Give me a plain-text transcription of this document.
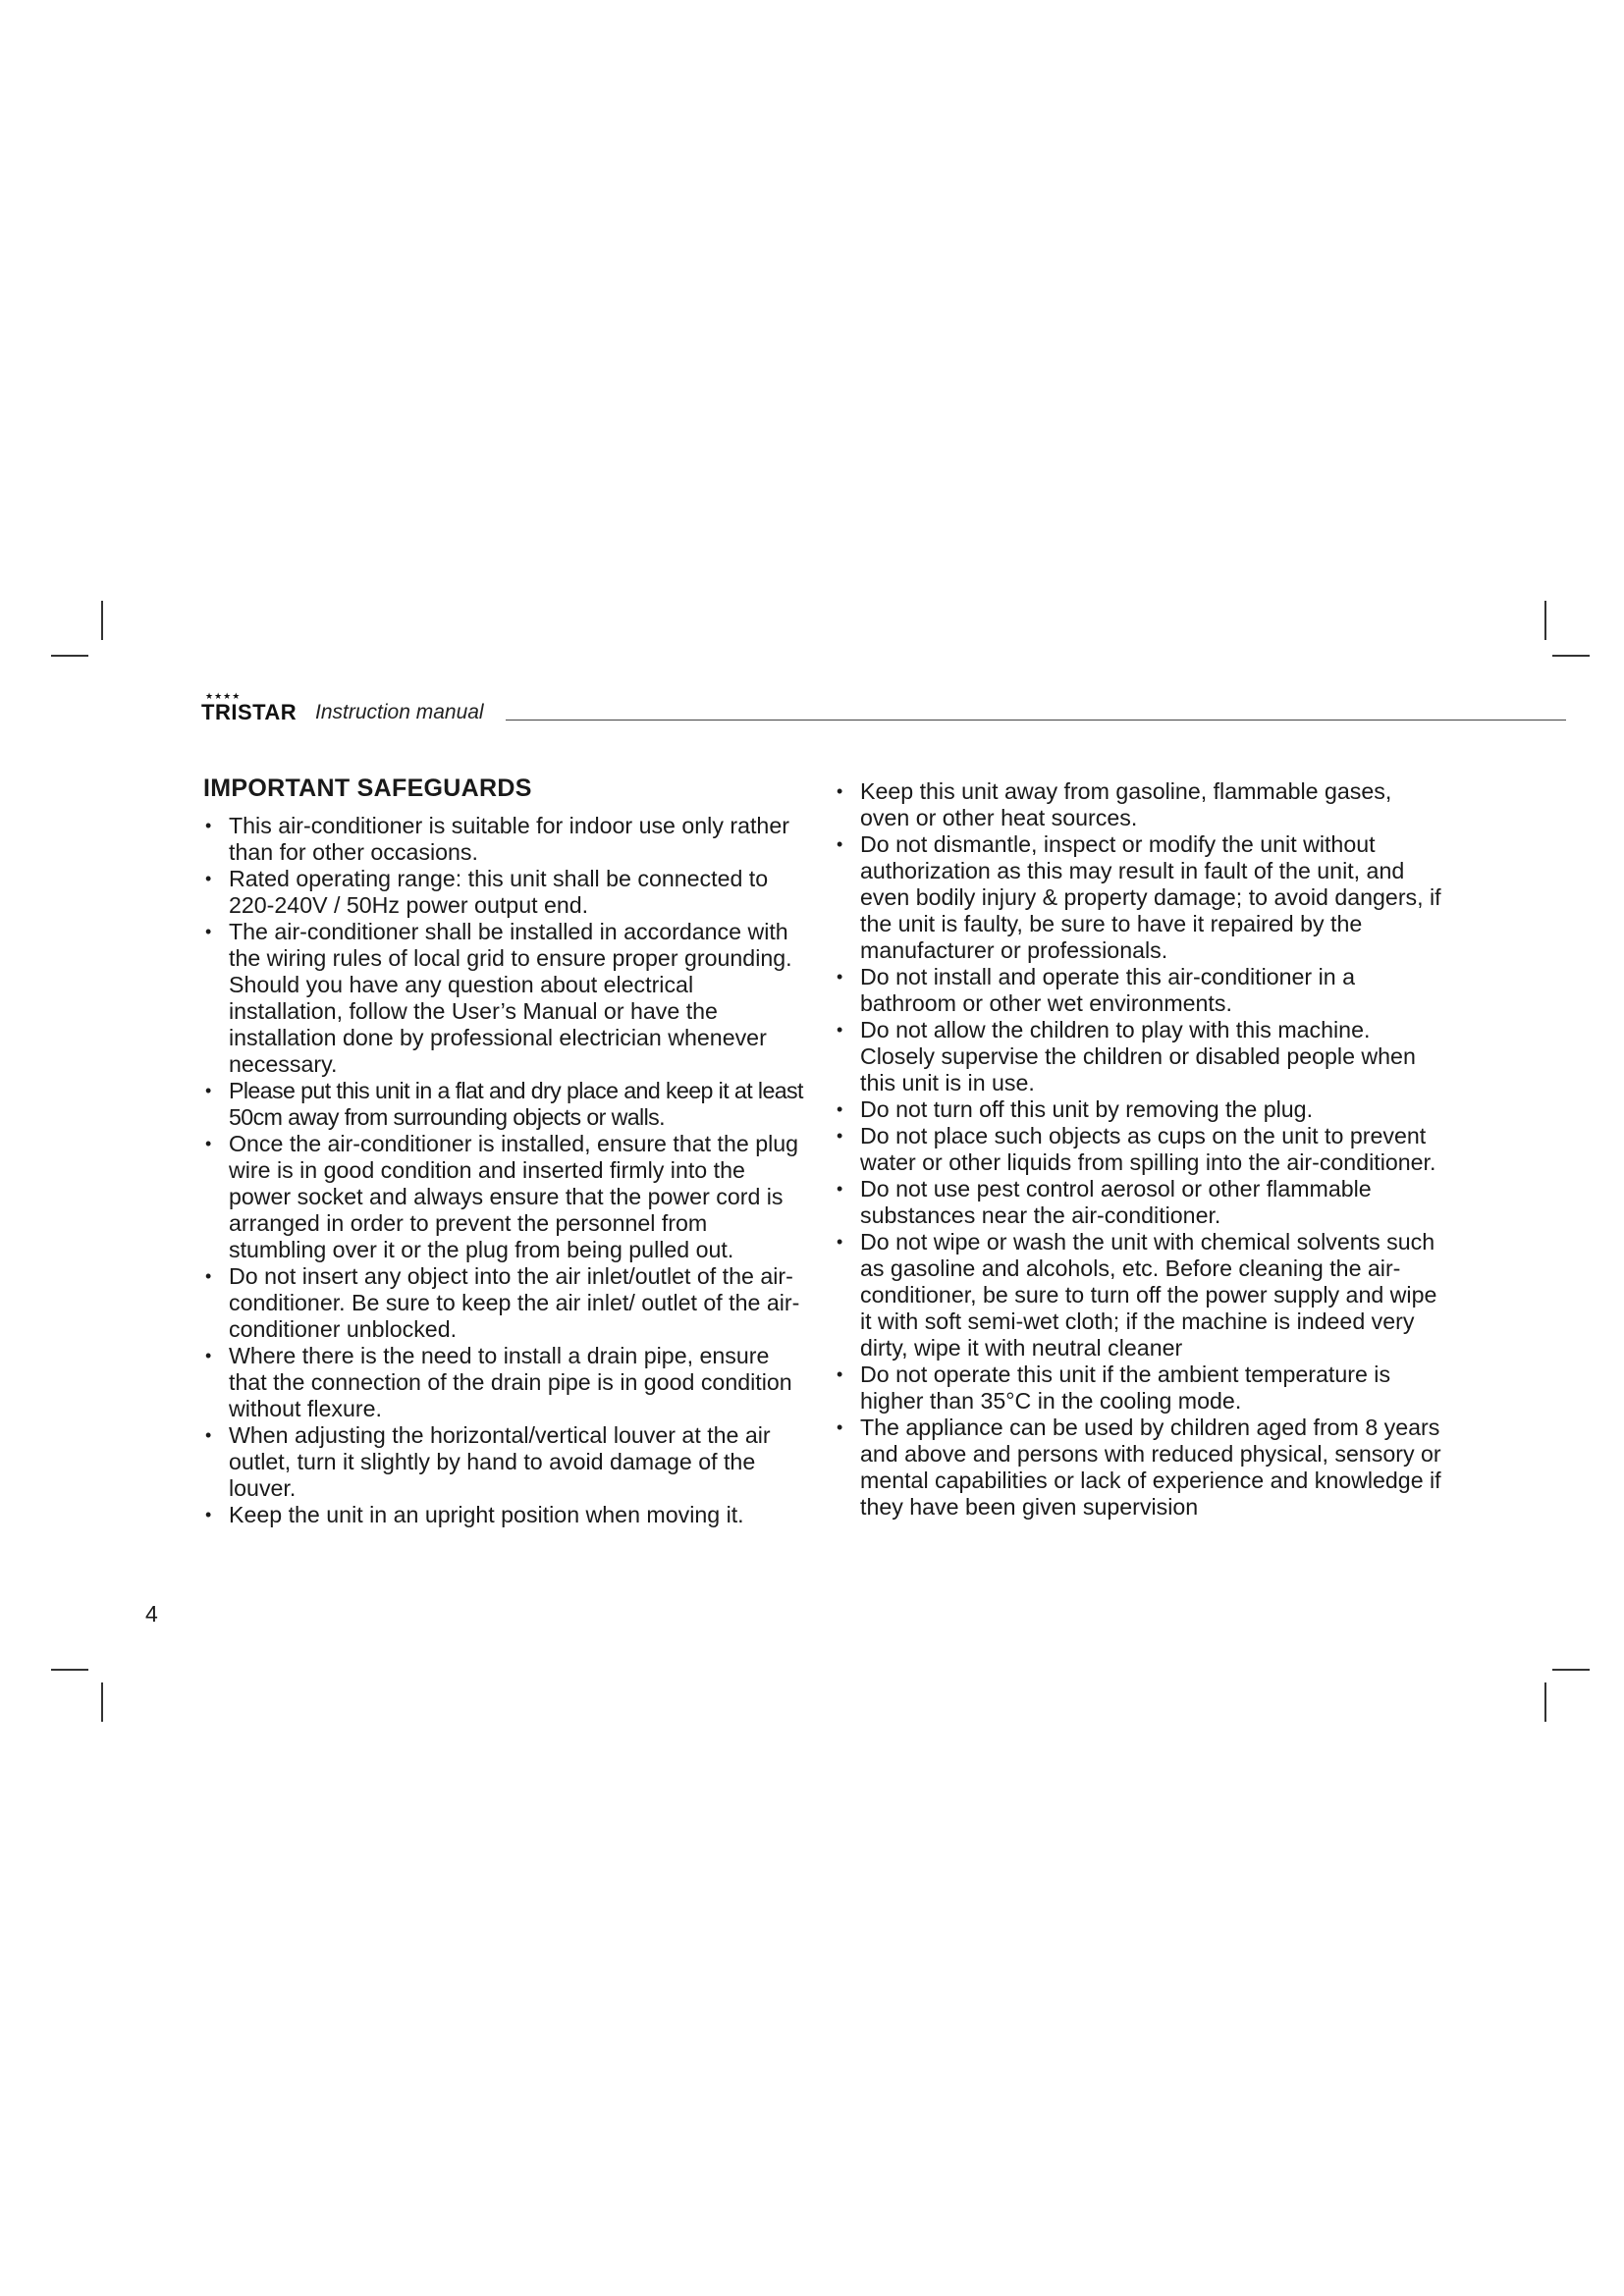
★★★★
TRISTAR Instruction manual
IMPORTANT SAFEGUARDS
• This air-conditioner is suitable for indoor use only rather than for other occasions.
• Rated operating range: this unit shall be connected to 220-240V / 50Hz power output end.
• The air-conditioner shall be installed in accordance with the wiring rules of local grid to ensure proper grounding. Should you have any question about electrical installation, follow the User’s Manual or have the installation done by professional electrician whenever necessary.
• Please put this unit in a flat and dry place and keep it at least 50cm away from surrounding objects or walls.
• Once the air-conditioner is installed, ensure that the plug wire is in good condition and inserted firmly into the power socket and always ensure that the power cord is arranged in order to prevent the personnel from stumbling over it or the plug from being pulled out.
• Do not insert any object into the air inlet/outlet of the air-conditioner. Be sure to keep the air inlet/ outlet of the air-conditioner unblocked.
• Where there is the need to install a drain pipe, ensure that the connection of the drain pipe is in good condition without flexure.
• When adjusting the horizontal/vertical louver at the air outlet, turn it slightly by hand to avoid damage of the louver.
• Keep the unit in an upright position when moving it.
• Keep this unit away from gasoline, flammable gases, oven or other heat sources.
• Do not dismantle, inspect or modify the unit without authorization as this may result in fault of the unit, and even bodily injury & property damage; to avoid dangers, if the unit is faulty, be sure to have it repaired by the manufacturer or professionals.
• Do not install and operate this air-conditioner in a bathroom or other wet environments.
• Do not allow the children to play with this machine. Closely supervise the children or disabled people when this unit is in use.
• Do not turn off this unit by removing the plug.
• Do not place such objects as cups on the unit to prevent water or other liquids from spilling into the air-conditioner.
• Do not use pest control aerosol or other flammable substances near the air-conditioner.
• Do not wipe or wash the unit with chemical solvents such as gasoline and alcohols, etc. Before cleaning the air-conditioner, be sure to turn off the power supply and wipe it with soft semi-wet cloth; if the machine is indeed very dirty, wipe it with neutral cleaner
• Do not operate this unit if the ambient temperature is higher than 35°C in the cooling mode.
• The appliance can be used by children aged from 8 years and above and persons with reduced physical, sensory or mental capabilities or lack of experience and knowledge if they have been given supervision
4
